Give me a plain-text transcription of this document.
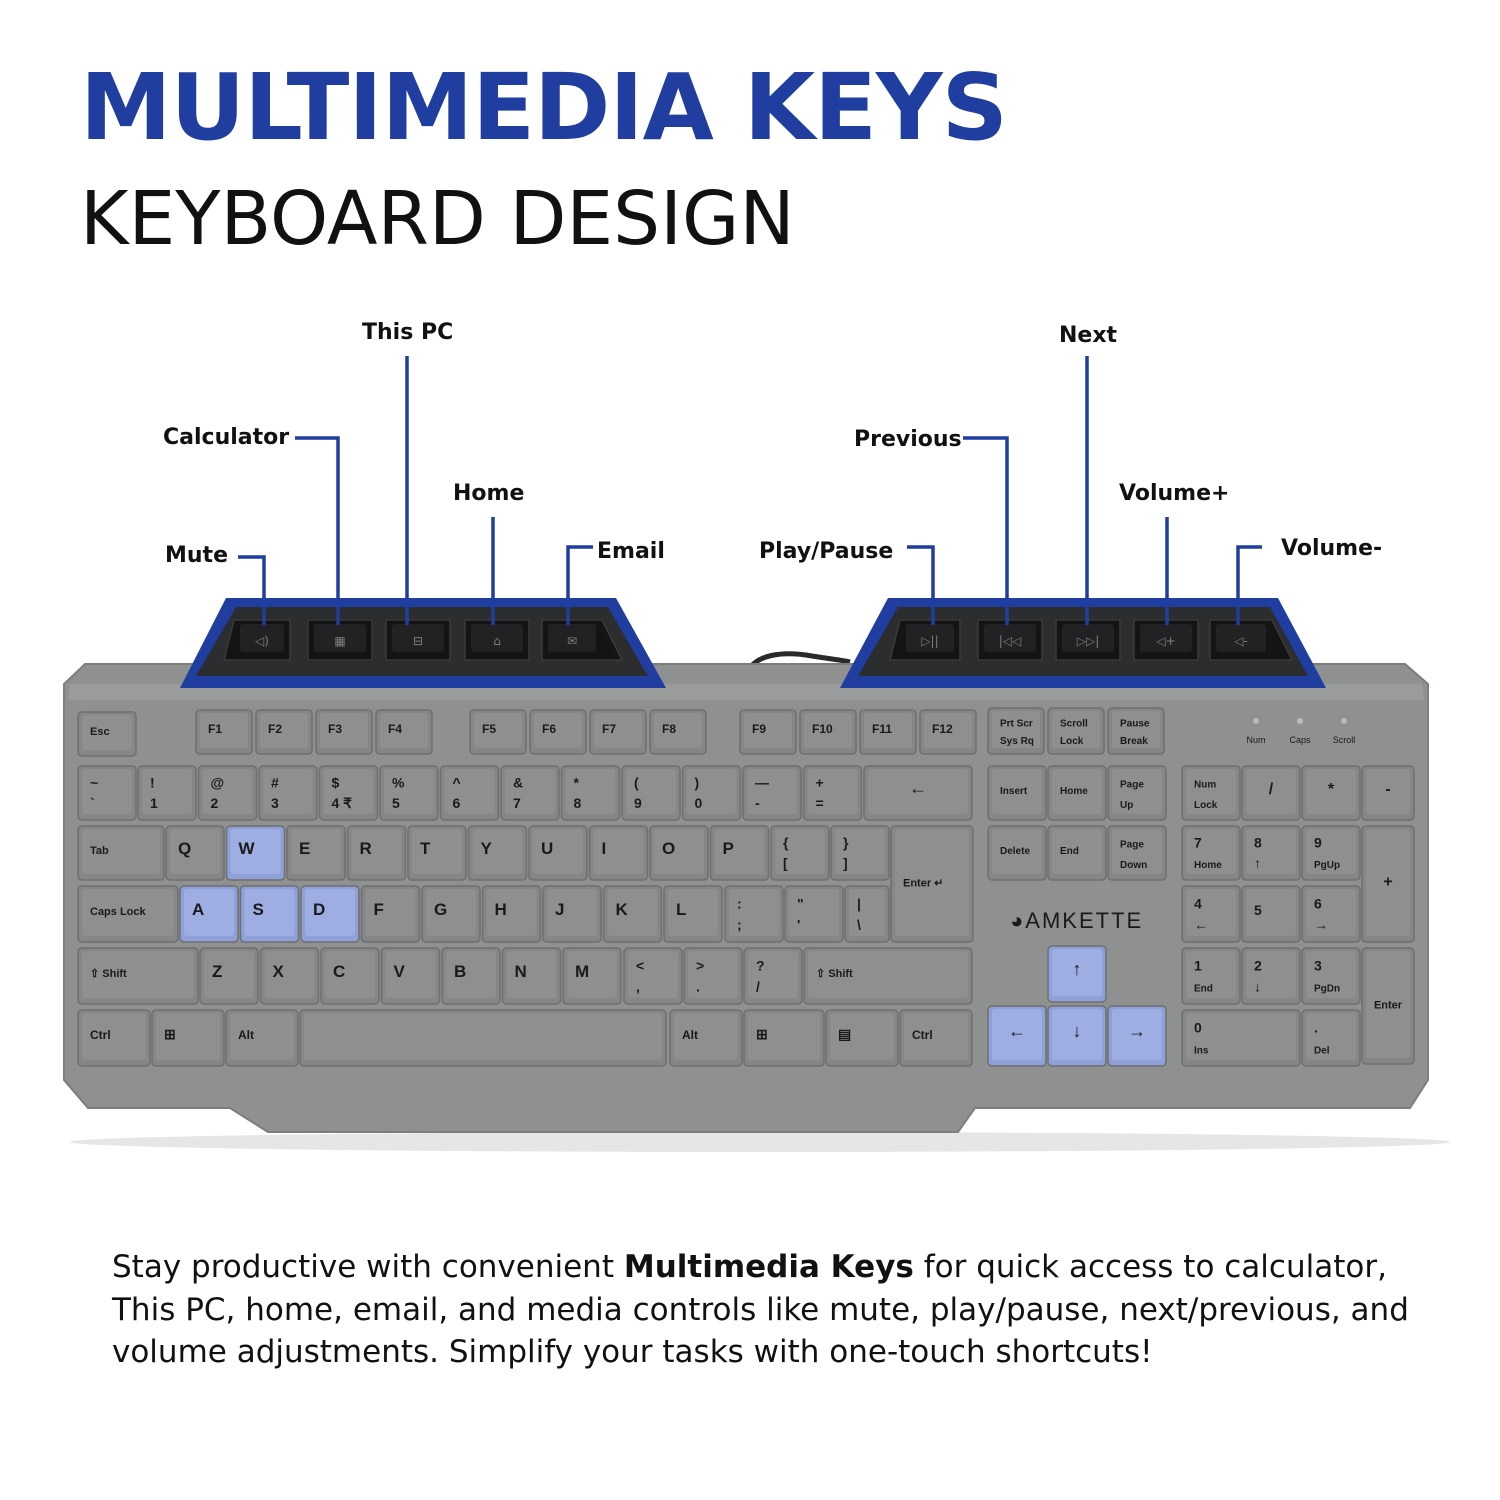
Esc	F1	F2	F3	F4	F5	F6	F7	F8	F9	F10	F11	F12	Prt Scr
Sys Rq
Scroll
Lock
Pause
Break	Num	Caps Scroll
~
`
!
1
@
2
#
3
$
4 ₹
%
5
^
6
&
7
*
8
(
9
)
0
—
-
+
=
←	Insert	Home
Page
Up
Num
Lock
/	*	-
Tab	Q	W	E	R	T	Y	U	I	O	P	{
[
}
]
Enter ↵
Delete	End
Page
Down
7
Home
8
↑
9
PgUp
+
Caps Lock	A	S	D	F	G	H	J	K	L	:
;
"
'
|
\	◕AMKETTE
4
←
5	6
→
⇧ Shift	Z	X	C	V	B	N	M	<
,
>
.
?
/
⇧ Shift	↑	1
End
2
↓
3
PgDn
Enter
Ctrl	⊞	Alt	Alt	⊞	▤	Ctrl	←	↓	→	0
Ins
.
Del
◁)	▦	⊟	⌂	✉	▷||	|◁◁	▷▷|	◁+	◁-
MULTIMEDIA KEYS
KEYBOARD DESIGN
Mute
Calculator
This PC
Home
Email	Play/Pause
Previous
Next
Volume+
Volume-

Stay productive with convenient Multimedia Keys for quick access to calculator, This PC, home, email, and media controls like mute, play/pause, next/previous, and volume adjustments. Simplify your tasks with one-touch shortcuts!
